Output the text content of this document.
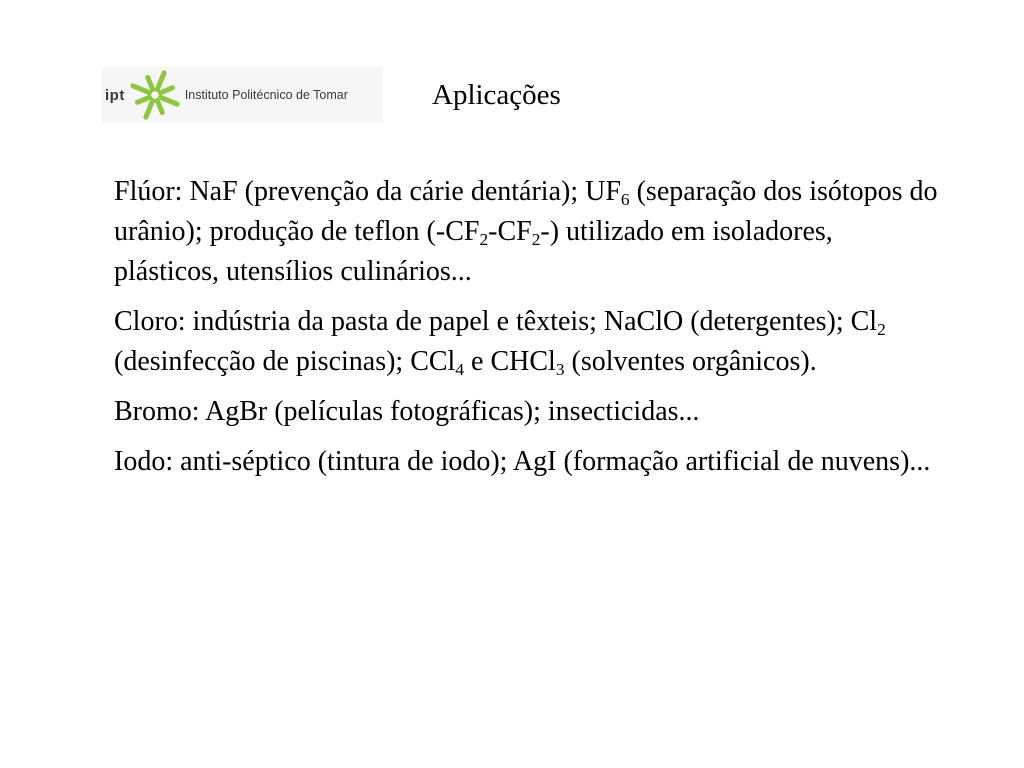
ipt	Instituto Politécnico de Tomar	Aplicações

Flúor: NaF (prevenção da cárie dentária); $UF_6$ (separação dos isótopos do urânio); produção de teflon $(-CF_2-CF_2-)$ utilizado em isoladores, plásticos, utensílios culinários...

Cloro: indústria da pasta de papel e têxteis; NaClO (detergentes); $Cl_2$ (desinfecção de piscinas); CCl$_4$ e CHCl$_3$ (solventes orgânicos).

Bromo: AgBr (películas fotográficas); insecticidas...

Iodo: anti-séptico (tintura de iodo); AgI (formação artificial de nuvens)...
